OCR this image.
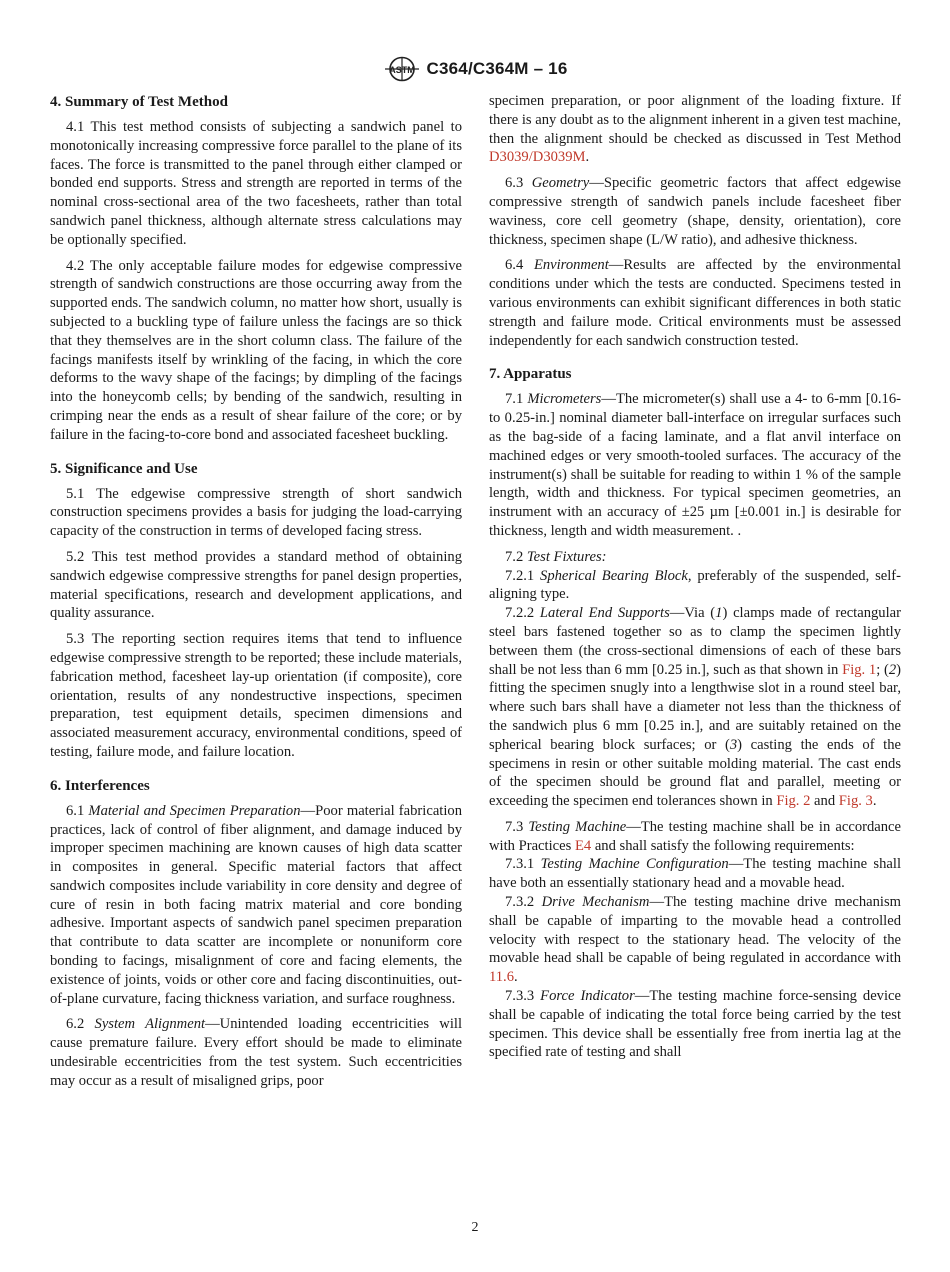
ASTM C364/C364M – 16
4. Summary of Test Method

4.1 This test method consists of subjecting a sandwich panel to monotonically increasing compressive force parallel to the plane of its faces. The force is transmitted to the panel through either clamped or bonded end supports. Stress and strength are reported in terms of the nominal cross-sectional area of the two facesheets, rather than total sandwich panel thickness, although alternate stress calculations may be optionally specified.

4.2 The only acceptable failure modes for edgewise compressive strength of sandwich constructions are those occurring away from the supported ends. The sandwich column, no matter how short, usually is subjected to a buckling type of failure unless the facings are so thick that they themselves are in the short column class. The failure of the facings manifests itself by wrinkling of the facing, in which the core deforms to the wavy shape of the facings; by dimpling of the facings into the honeycomb cells; by bending of the sandwich, resulting in crimping near the ends as a result of shear failure of the core; or by failure in the facing-to-core bond and associated facesheet buckling.

5. Significance and Use

5.1 The edgewise compressive strength of short sandwich construction specimens provides a basis for judging the load-carrying capacity of the construction in terms of developed facing stress.

5.2 This test method provides a standard method of obtaining sandwich edgewise compressive strengths for panel design properties, material specifications, research and development applications, and quality assurance.

5.3 The reporting section requires items that tend to influence edgewise compressive strength to be reported; these include materials, fabrication method, facesheet lay-up orientation (if composite), core orientation, results of any nondestructive inspections, specimen preparation, test equipment details, specimen dimensions and associated measurement accuracy, environmental conditions, speed of testing, failure mode, and failure location.

6. Interferences

6.1 Material and Specimen Preparation—Poor material fabrication practices, lack of control of fiber alignment, and damage induced by improper specimen machining are known causes of high data scatter in composites in general. Specific material factors that affect sandwich composites include variability in core density and degree of cure of resin in both facing matrix material and core bonding adhesive. Important aspects of sandwich panel specimen preparation that contribute to data scatter are incomplete or nonuniform core bonding to facings, misalignment of core and facing elements, the existence of joints, voids or other core and facing discontinuities, out-of-plane curvature, facing thickness variation, and surface roughness.

6.2 System Alignment—Unintended loading eccentricities will cause premature failure. Every effort should be made to eliminate undesirable eccentricities from the test system. Such eccentricities may occur as a result of misaligned grips, poor

specimen preparation, or poor alignment of the loading fixture. If there is any doubt as to the alignment inherent in a given test machine, then the alignment should be checked as discussed in Test Method D3039/D3039M.

6.3 Geometry—Specific geometric factors that affect edgewise compressive strength of sandwich panels include facesheet fiber waviness, core cell geometry (shape, density, orientation), core thickness, specimen shape (L/W ratio), and adhesive thickness.

6.4 Environment—Results are affected by the environmental conditions under which the tests are conducted. Specimens tested in various environments can exhibit significant differences in both static strength and failure mode. Critical environments must be assessed independently for each sandwich construction tested.

7. Apparatus

7.1 Micrometers—The micrometer(s) shall use a 4- to 6-mm [0.16- to 0.25-in.] nominal diameter ball-interface on irregular surfaces such as the bag-side of a facing laminate, and a flat anvil interface on machined edges or very smooth-tooled surfaces. The accuracy of the instrument(s) shall be suitable for reading to within 1 % of the sample length, width and thickness. For typical specimen geometries, an instrument with an accuracy of ±25 µm [±0.001 in.] is desirable for thickness, length and width measurement. .

7.2 Test Fixtures:

7.2.1 Spherical Bearing Block, preferably of the suspended, self-aligning type.

7.2.2 Lateral End Supports—Via (1) clamps made of rectangular steel bars fastened together so as to clamp the specimen lightly between them (the cross-sectional dimensions of each of these bars shall be not less than 6 mm [0.25 in.], such as that shown in Fig. 1; (2) fitting the specimen snugly into a lengthwise slot in a round steel bar, where such bars shall have a diameter not less than the thickness of the sandwich plus 6 mm [0.25 in.], and are suitably retained on the spherical bearing block surfaces; or (3) casting the ends of the specimens in resin or other suitable molding material. The cast ends of the specimen should be ground flat and parallel, meeting or exceeding the specimen end tolerances shown in Fig. 2 and Fig. 3.

7.3 Testing Machine—The testing machine shall be in accordance with Practices E4 and shall satisfy the following requirements:

7.3.1 Testing Machine Configuration—The testing machine shall have both an essentially stationary head and a movable head.

7.3.2 Drive Mechanism—The testing machine drive mechanism shall be capable of imparting to the movable head a controlled velocity with respect to the stationary head. The velocity of the movable head shall be capable of being regulated in accordance with 11.6.

7.3.3 Force Indicator—The testing machine force-sensing device shall be capable of indicating the total force being carried by the test specimen. This device shall be essentially free from inertia lag at the specified rate of testing and shall

2
